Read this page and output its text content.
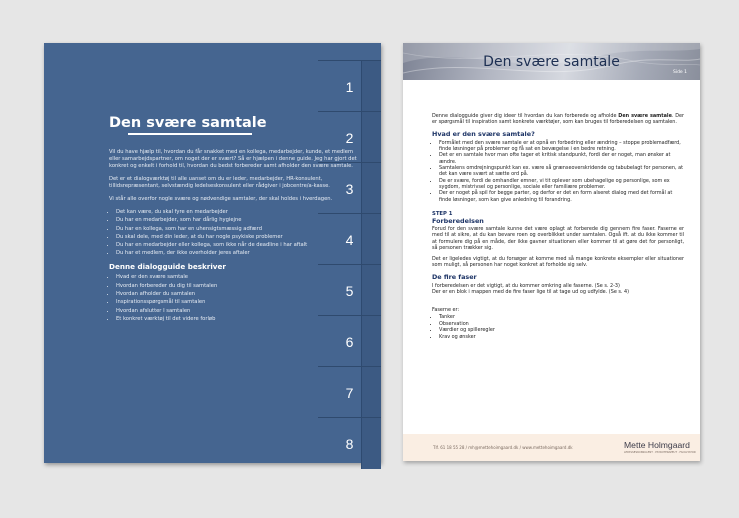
Den svære samtale

Vil du have hjælp til, hvordan du får snakket med en kollega, medarbejder, kunde, et medlem eller samarbejdspartner, om noget der er svært? Så er hjælpen i denne guide. Jeg har gjort det konkret og enkelt i forhold til, hvordan du bedst forbereder samt afholder den svære samtale.

Det er et dialogværktøj til alle uanset om du er leder, medarbejder, HR-konsulent, tillidsrepræsentant, selvstændig ledelseskonsulent eller rådgiver i jobcentre/a-kasse.

Vi står alle overfor nogle svære og nødvendige samtaler, der skal holdes i hverdagen.

• Det kan være, du skal fyre en medarbejder
• Du har en medarbejder, som har dårlig hygiejne
• Du har en kollega, som har en uhensigtsmæssig adfærd
• Du skal dele, med din leder, at du har nogle psykiske problemer
• Du har en medarbejder eller kollega, som ikke når de deadline i har aftalt
• Du har et medlem, der ikke overholder jeres aftaler
Denne dialogguide beskriver
• Hvad er den svære samtale
• Hvordan forbereder du dig til samtalen
• Hvordan afholder du samtalen
• Inspirationsspørgsmål til samtalen
• Hvordan afslutter I samtalen
• Et konkret værktøj til det videre forløb
1
2
3
4
5
6
7
8
Den svære samtale
Side 1

Denne dialogguide giver dig ideer til hvordan du kan forberede og afholde Den svære samtale. Der er spørgsmål til inspiration samt konkrete værktøjer, som kan bruges til forberedelsen og samtalen.

Hvad er den svære samtale?
• Formålet med den svære samtale er at opnå en forbedring eller ændring – stoppe problemadfærd, finde løsninger på problemer og få sat en bevægelse i en bedre retning.
• Det er en samtale hvor man ofte tager et kritisk standpunkt, fordi der er noget, man ønsker at ændre.
• Samtalens omdrejningspunkt kan ex. være så grænseoverskridende og tabubelagt for personen, at det kan være svært at sætte ord på.
• De er svære, fordi de omhandler emner, vi tit oplever som ubehagelige og personlige, som ex sygdom, mistrivsel og personlige, sociale eller familiære problemer.
• Der er noget på spil for begge parter, og derfor er det en form alseret dialog med det formål at finde løsninger, som kan give anledning til forandring.
STEP 1
Forberedelsen

Forud for den svære samtale kunne det være oplagt at forberede dig gennem fire faser. Faserne er med til at sikre, at du kan bevare roen og overblikket under samtalen. Også ift. at du ikke kommer til at formulere dig på en måde, der ikke gavner situationen eller kommer til at gøre det for personligt, så personen trækker sig.

Det er ligeledes vigtigt, at du forsøger at komme med så mange konkrete eksempler eller situationer som muligt, så personen har noget konkret at forholde sig selv.

De fire faser

I forberedelsen er det vigtigt, at du kommer omkring alle faserne. (Se s. 2-3)

Der er en blok i mappen med de fire faser lige til at tage ud og udfylde. (Se s. 4)

Faserne er:

• Tanker
• Observation
• Værdier og spilleregler
• Krav og ønsker
Tlf. 61 18 55 28 / mh@mettehoimgaard.dk / www.mettehoimgaard.dk	Mette Holmgaard
LEDELSESKONSULENT · PSYKOTERAPEUT · FACILITATOR
